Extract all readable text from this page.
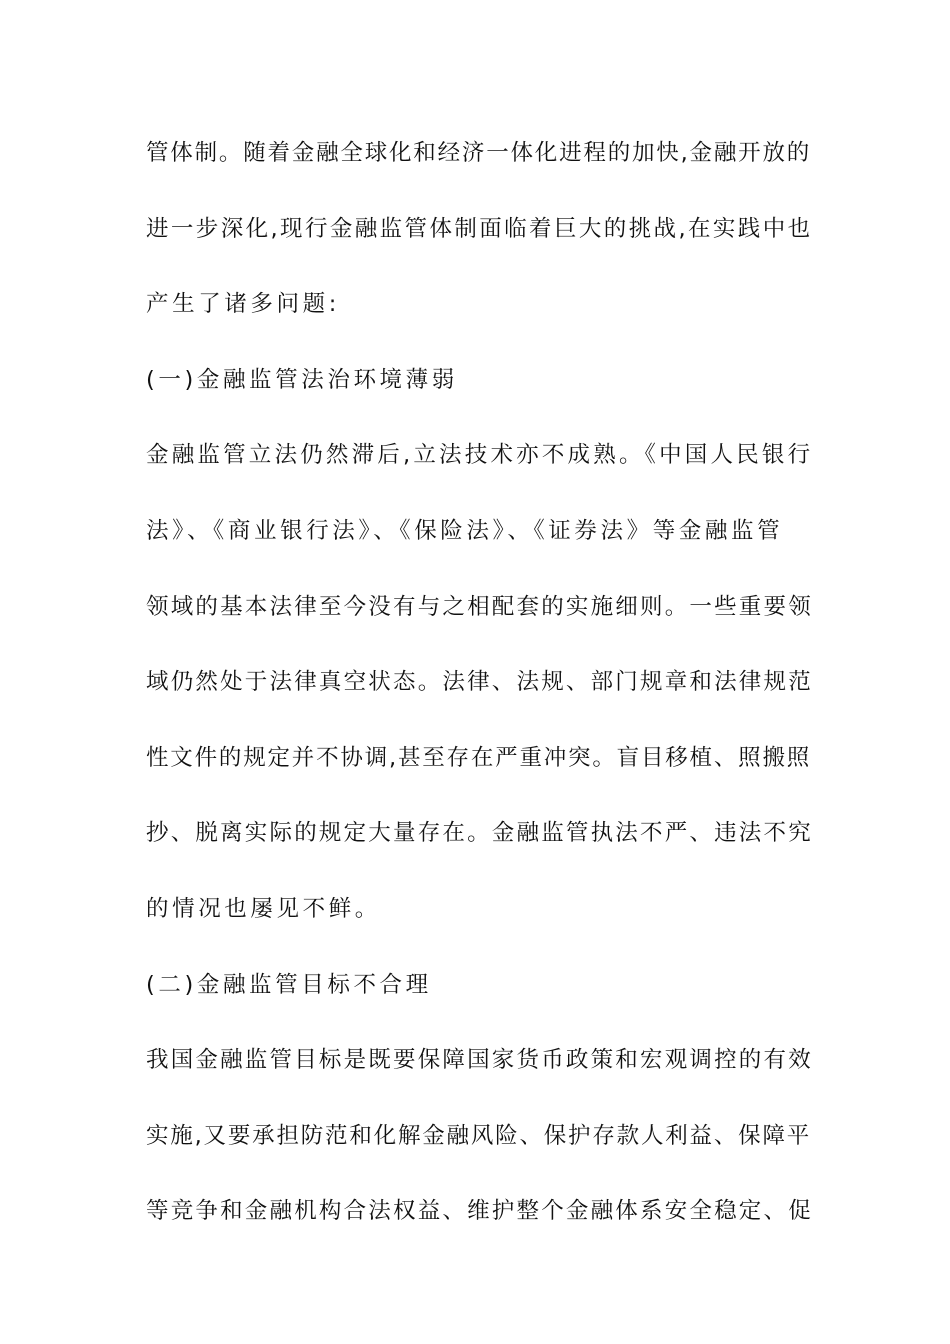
管体制。随着金融全球化和经济一体化进程的加快,金融开放的
进一步深化,现行金融监管体制面临着巨大的挑战,在实践中也
产生了诸多问题:
(一)金融监管法治环境薄弱
金融监管立法仍然滞后,立法技术亦不成熟。《中国人民银行
法》、《商业银行法》、《保险法》、《证券法》等金融监管
领域的基本法律至今没有与之相配套的实施细则。一些重要领
域仍然处于法律真空状态。法律、法规、部门规章和法律规范
性文件的规定并不协调,甚至存在严重冲突。盲目移植、照搬照
抄、脱离实际的规定大量存在。金融监管执法不严、违法不究
的情况也屡见不鲜。
(二)金融监管目标不合理
我国金融监管目标是既要保障国家货币政策和宏观调控的有效
实施,又要承担防范和化解金融风险、保护存款人利益、保障平
等竞争和金融机构合法权益、维护整个金融体系安全稳定、促
